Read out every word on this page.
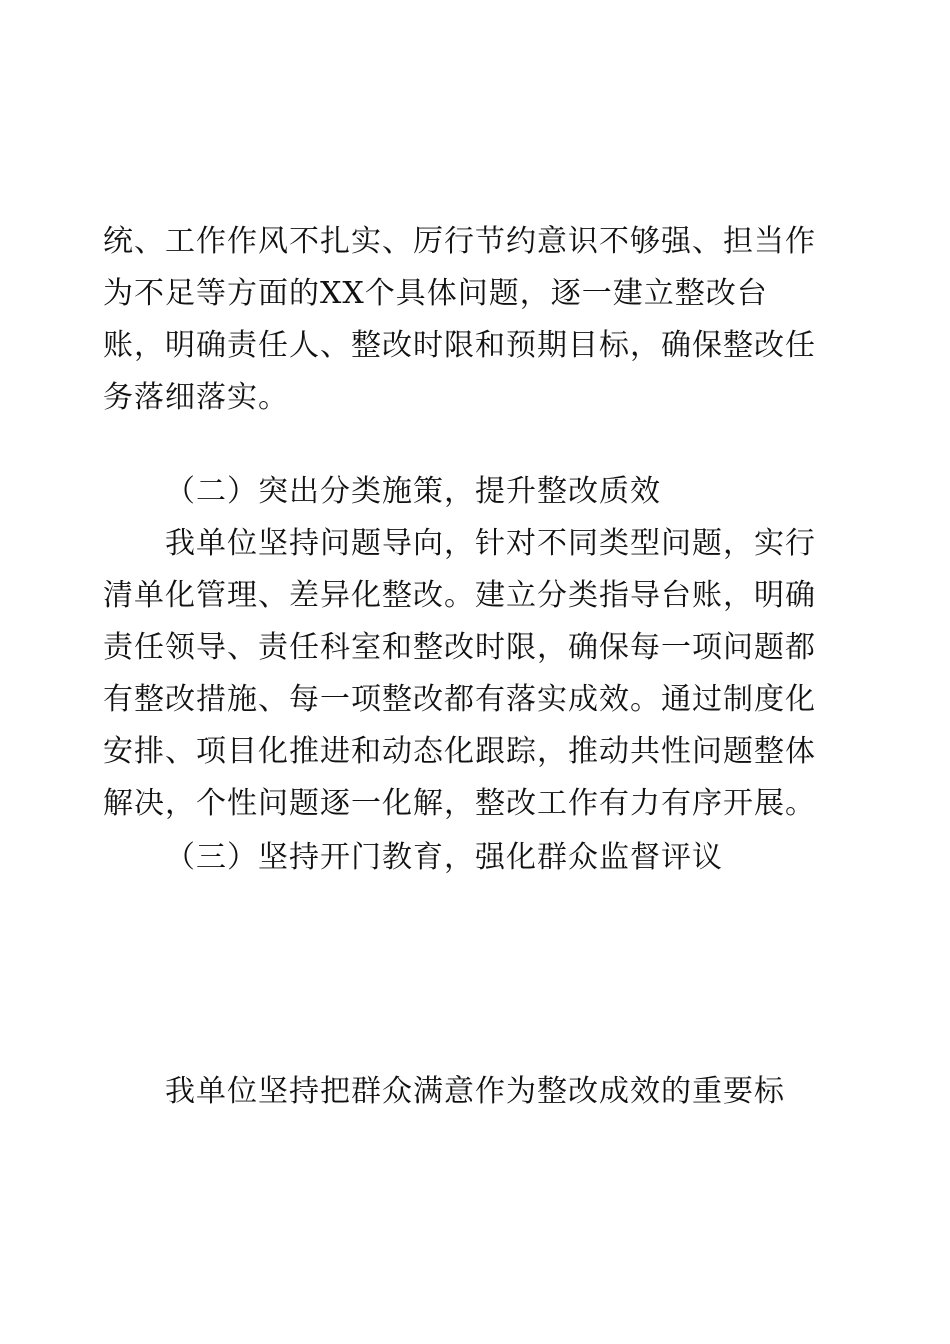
统、工作作风不扎实、厉行节约意识不够强、担当作
为不足等方面的XX个具体问题，逐一建立整改台
账，明确责任人、整改时限和预期目标，确保整改任
务落细落实。
（二）突出分类施策，提升整改质效
我单位坚持问题导向，针对不同类型问题，实行
清单化管理、差异化整改。建立分类指导台账，明确
责任领导、责任科室和整改时限，确保每一项问题都
有整改措施、每一项整改都有落实成效。通过制度化
安排、项目化推进和动态化跟踪，推动共性问题整体
解决，个性问题逐一化解，整改工作有力有序开展。
（三）坚持开门教育，强化群众监督评议
我单位坚持把群众满意作为整改成效的重要标
